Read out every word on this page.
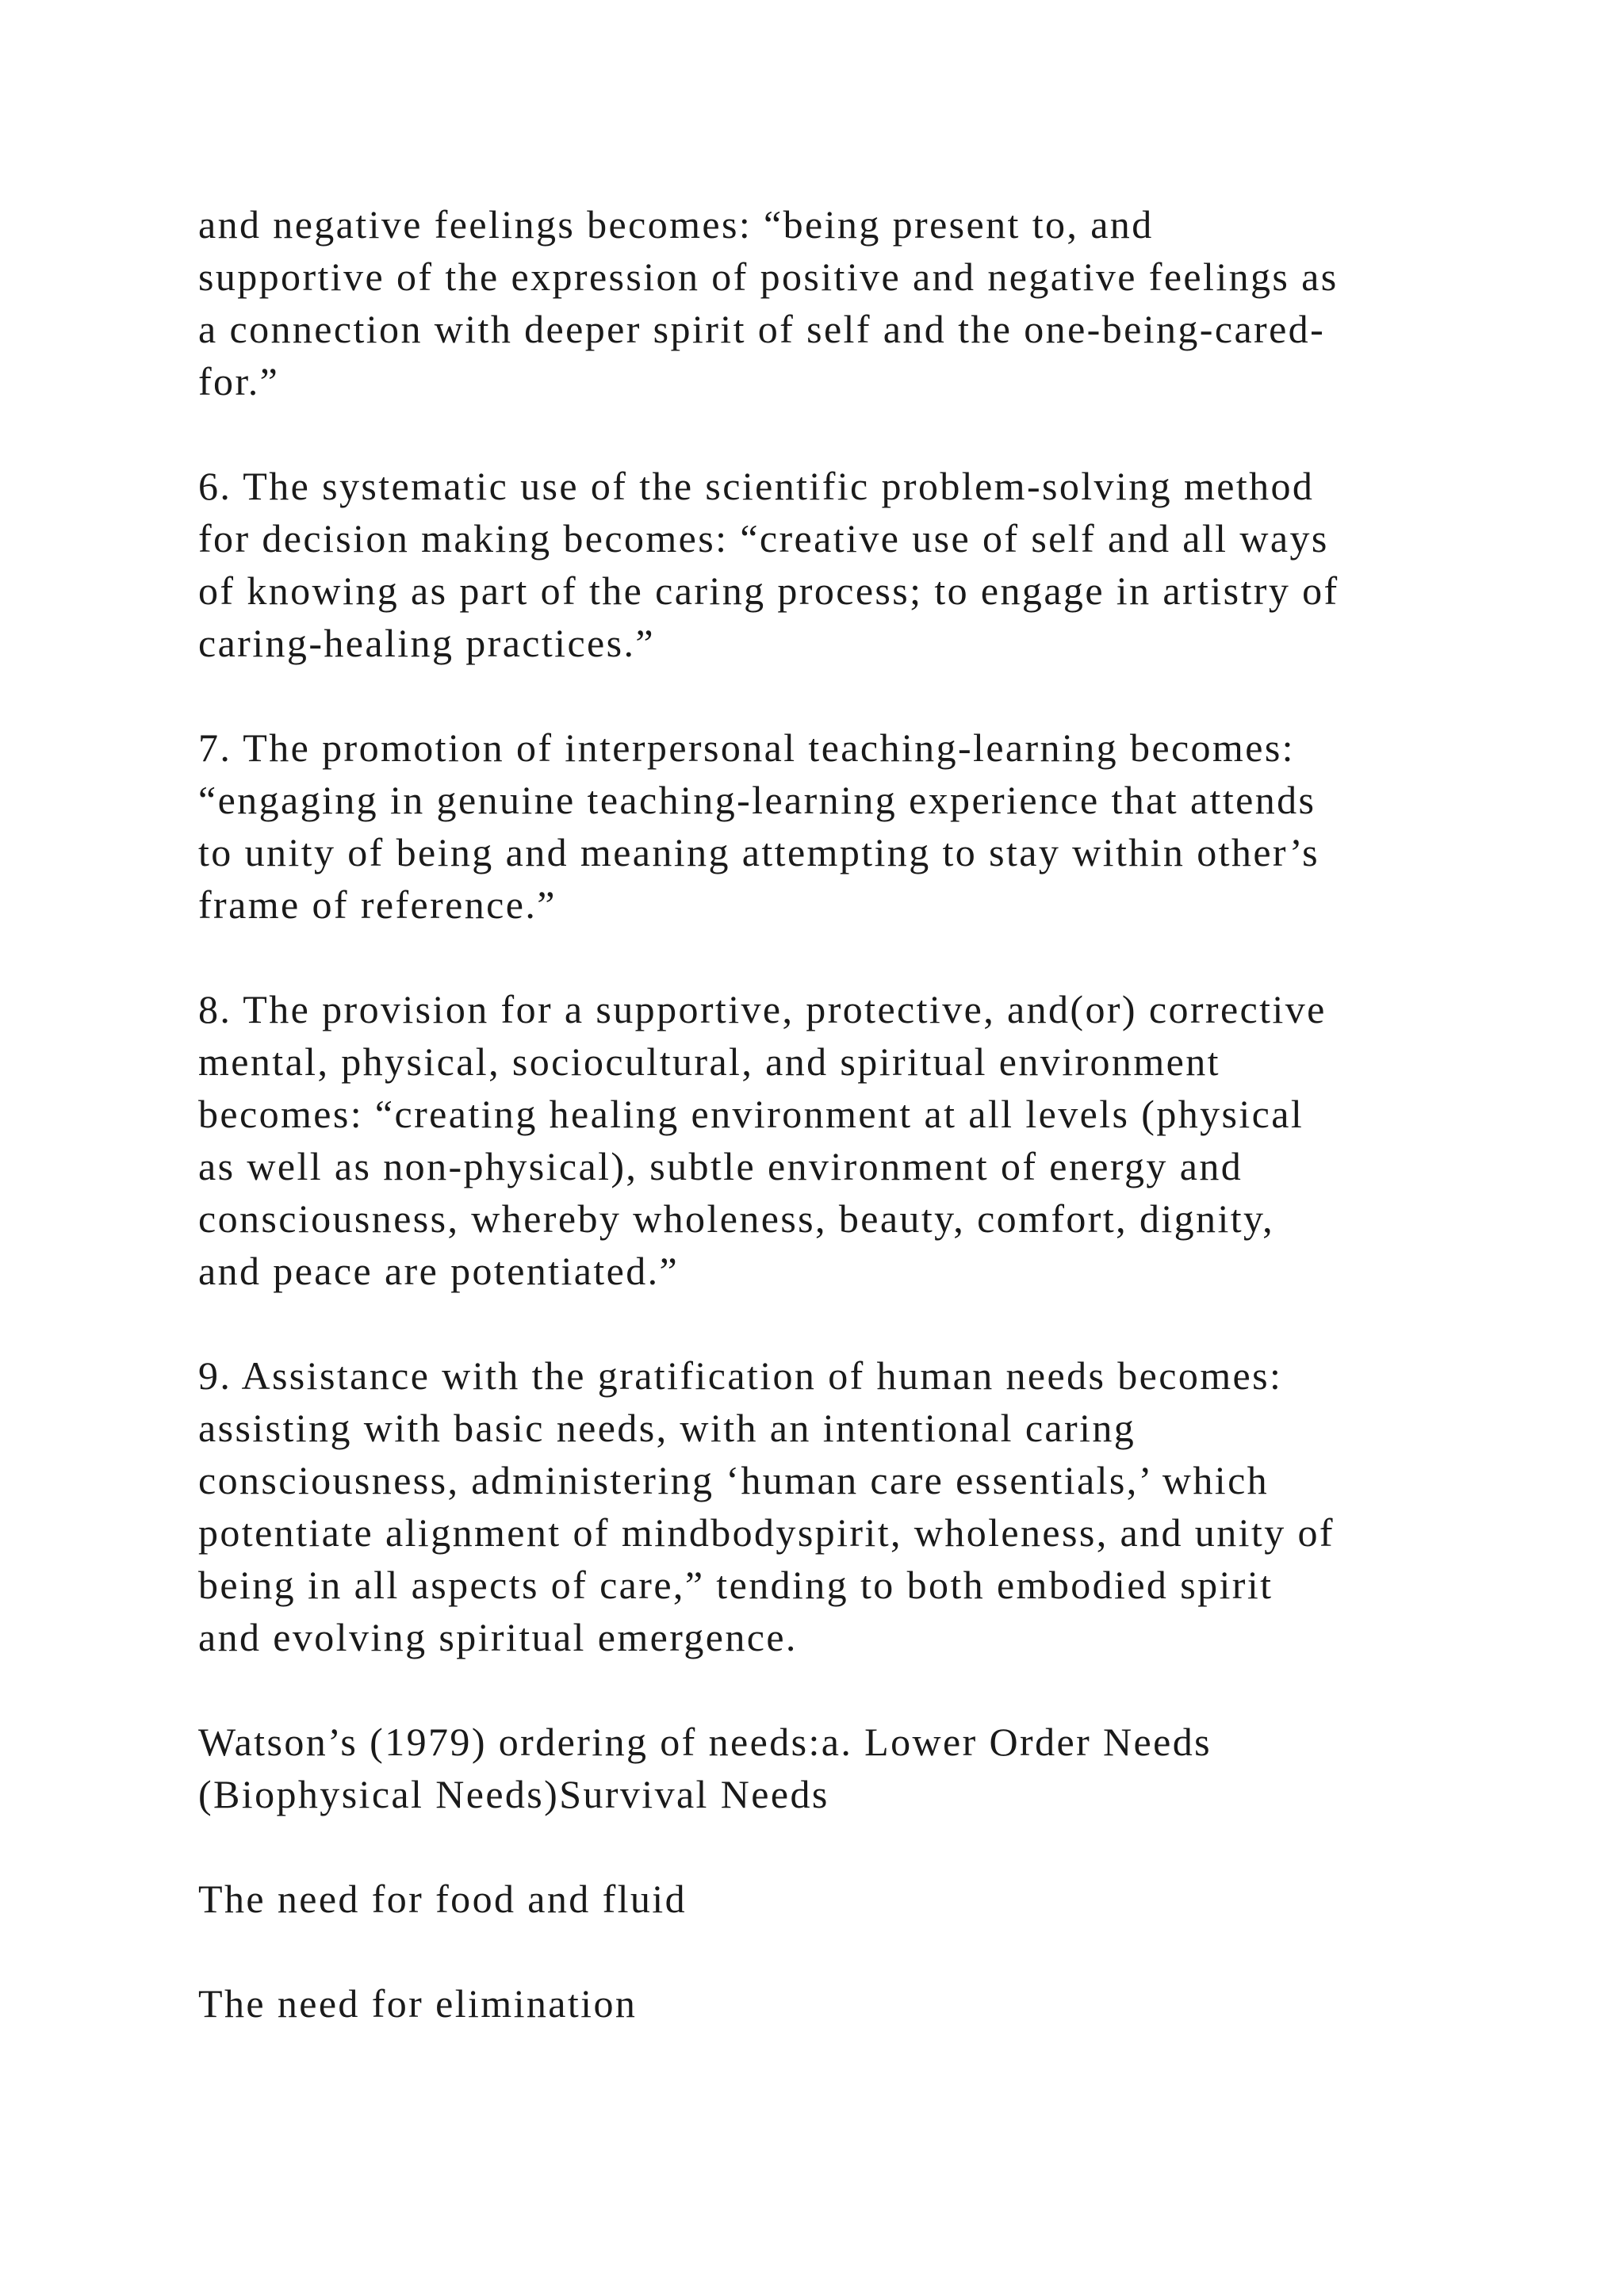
and negative feelings becomes: “being present to, and
supportive of the expression of positive and negative feelings as
a connection with deeper spirit of self and the one-being-cared-
for.”
6. The systematic use of the scientific problem-solving method
for decision making becomes: “creative use of self and all ways
of knowing as part of the caring process; to engage in artistry of
caring-healing practices.”
7. The promotion of interpersonal teaching-learning becomes:
“engaging in genuine teaching-learning experience that attends
to unity of being and meaning attempting to stay within other’s
frame of reference.”
8. The provision for a supportive, protective, and(or) corrective
mental, physical, sociocultural, and spiritual environment
becomes: “creating healing environment at all levels (physical
as well as non-physical), subtle environment of energy and
consciousness, whereby wholeness, beauty, comfort, dignity,
and peace are potentiated.”
9. Assistance with the gratification of human needs becomes:
assisting with basic needs, with an intentional caring
consciousness, administering ‘human care essentials,’ which
potentiate alignment of mindbodyspirit, wholeness, and unity of
being in all aspects of care,” tending to both embodied spirit
and evolving spiritual emergence.
Watson’s (1979) ordering of needs:a. Lower Order Needs
(Biophysical Needs)Survival Needs
The need for food and fluid
The need for elimination
